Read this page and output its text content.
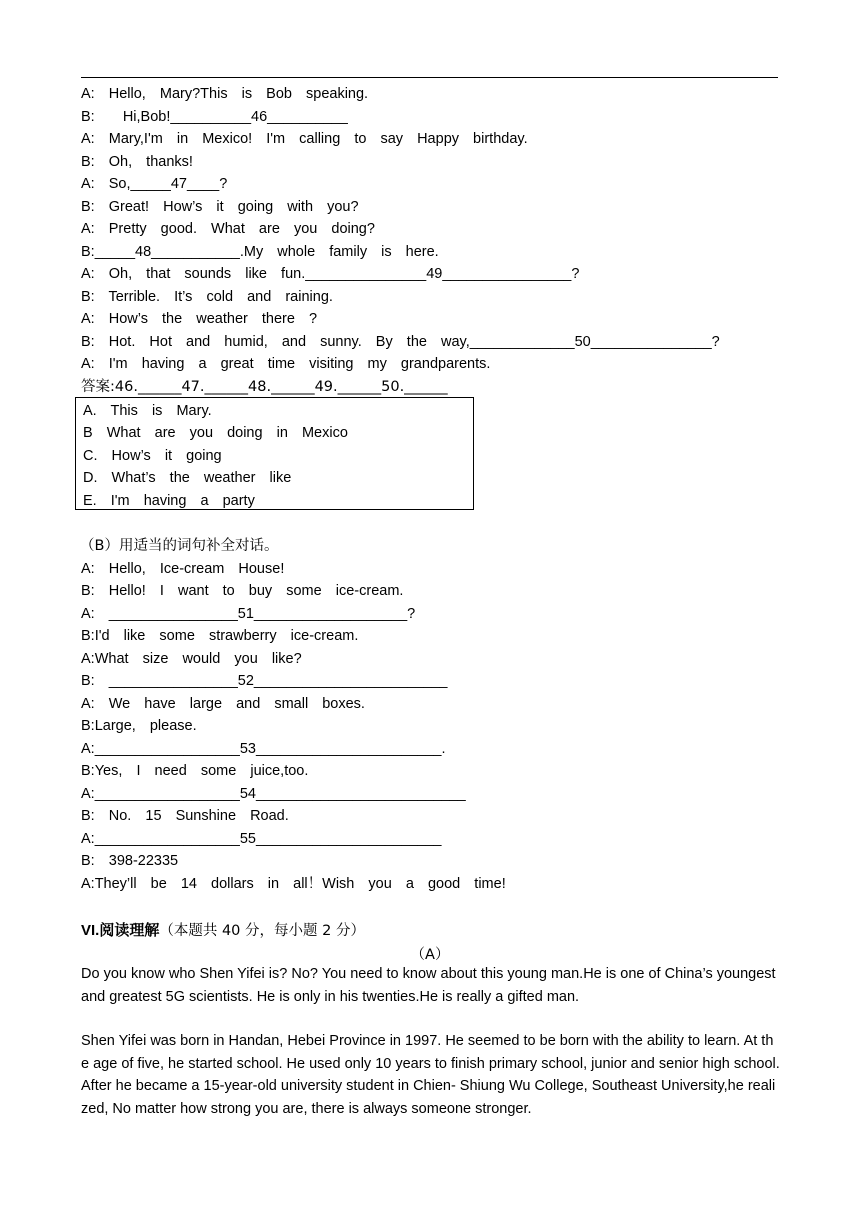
A:  Hello,  Mary?This  is  Bob  speaking.
B:    Hi,Bob!__________46__________
A:  Mary,I'm  in  Mexico!  I'm  calling  to  say  Happy  birthday.
B:  Oh,  thanks!
A:  So,_____47____?
B:  Great!  How’s  it  going  with  you?
A:  Pretty  good.  What  are  you  doing?
B:_____48___________.My  whole  family  is  here.
A:  Oh,  that  sounds  like  fun._______________49________________?
B:  Terrible.  It’s  cold  and  raining.
A:  How’s  the  weather  there  ?
B:  Hot.  Hot  and  humid,  and  sunny.  By  the  way,_____________50_______________?
A:  I'm  having  a  great  time  visiting  my  grandparents.
答案:46.______47.______48.______49.______50.______
A.  This  is  Mary.
B  What  are  you  doing  in  Mexico
C.  How’s  it  going
D.  What’s  the  weather  like
E.  I'm  having  a  party
（B）用适当的词句补全对话。
A:  Hello,  Ice-cream  House!
B:  Hello!  I  want  to  buy  some  ice-cream.
A:  ________________51___________________?
B:I'd  like  some  strawberry  ice-cream.
A:What  size  would  you  like?
B:  ________________52________________________
A:  We  have  large  and  small  boxes.
B:Large,  please.
A:__________________53_______________________.
B:Yes,  I  need  some  juice,too.
A:__________________54__________________________
B:  No.  15  Sunshine  Road.
A:__________________55_______________________
B:  398-22335
A:They’ll  be  14  dollars  in  all！Wish  you  a  good  time!
VI.阅读理解（本题共 40 分，每小题 2 分）
（A）
Do you know who Shen Yifei is? No? You need to know about this young man.He is one of China’s youngest and greatest 5G scientists. He is only in his twenties.He is really a gifted man.
Shen Yifei was born in Handan, Hebei Province in 1997. He seemed to be born with the ability to learn. At the age of five, he started school. He used only 10 years to finish primary school, junior and senior high school. After he became a 15-year-old university student in Chien- Shiung Wu College, Southeast University,he realized, No matter how strong you are, there is always someone stronger.
